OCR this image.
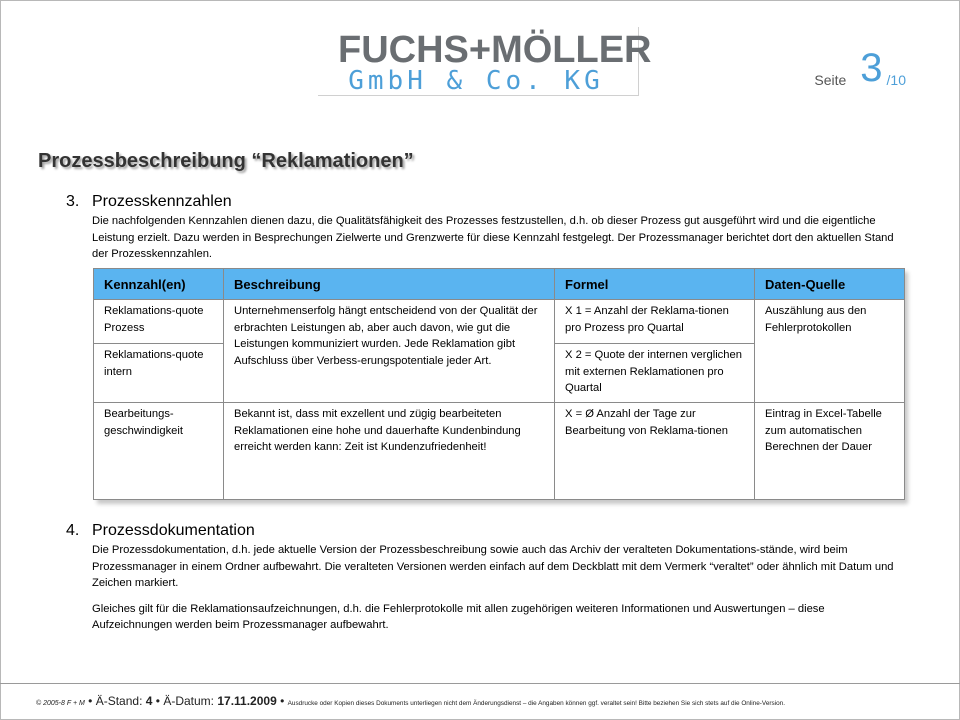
FUCHS+MÖLLER
GmbH & Co. KG	Seite 3 /10
Prozessbeschreibung “Reklamationen”
3. Prozesskennzahlen

Die nachfolgenden Kennzahlen dienen dazu, die Qualitätsfähigkeit des Prozesses festzustellen, d.h. ob dieser Prozess gut ausgeführt wird und die eigentliche Leistung erzielt. Dazu werden in Besprechungen Zielwerte und Grenzwerte für diese Kennzahl festgelegt. Der Prozessmanager berichtet dort den aktuellen Stand der Prozesskennzahlen.

Kennzahl(en)	Beschreibung	Formel	Daten-Quelle
Reklamations-quote Prozess	Unternehmenserfolg hängt entscheidend von der Qualität der erbrachten Leistungen ab, aber auch davon, wie gut die Leistungen kommuniziert wurden. Jede Reklamation gibt Aufschluss über Verbess-erungspotentiale jeder Art.	X 1 = Anzahl der Reklama-tionen pro Prozess pro Quartal	Auszählung aus den Fehlerprotokollen
Reklamations-quote intern		X 2 = Quote der internen verglichen mit externen Reklamationen pro Quartal	
Bearbeitungs-geschwindigkeit	Bekannt ist, dass mit exzellent und zügig bearbeiteten Reklamationen eine hohe und dauerhafte Kundenbindung erreicht werden kann: Zeit ist Kundenzufriedenheit!	X = Ø Anzahl der Tage zur Bearbeitung von Reklama-tionen	Eintrag in Excel-Tabelle zum automatischen Berechnen der Dauer
4. Prozessdokumentation

Die Prozessdokumentation, d.h. jede aktuelle Version der Prozessbeschreibung sowie auch das Archiv der veralteten Dokumentations-stände, wird beim Prozessmanager in einem Ordner aufbewahrt. Die veralteten Versionen werden einfach auf dem Deckblatt mit dem Vermerk “veraltet” oder ähnlich mit Datum und Zeichen markiert.

Gleiches gilt für die Reklamationsaufzeichnungen, d.h. die Fehlerprotokolle mit allen zugehörigen weiteren Informationen und Auswertungen – diese Aufzeichnungen werden beim Prozessmanager aufbewahrt.

© 2005-8 F + M • Ä-Stand: 4 • Ä-Datum: 17.11.2009 • Ausdrucke oder Kopien dieses Dokuments unterliegen nicht dem Änderungsdienst – die Angaben können ggf. veraltet sein! Bitte beziehen Sie sich stets auf die Online-Version.
